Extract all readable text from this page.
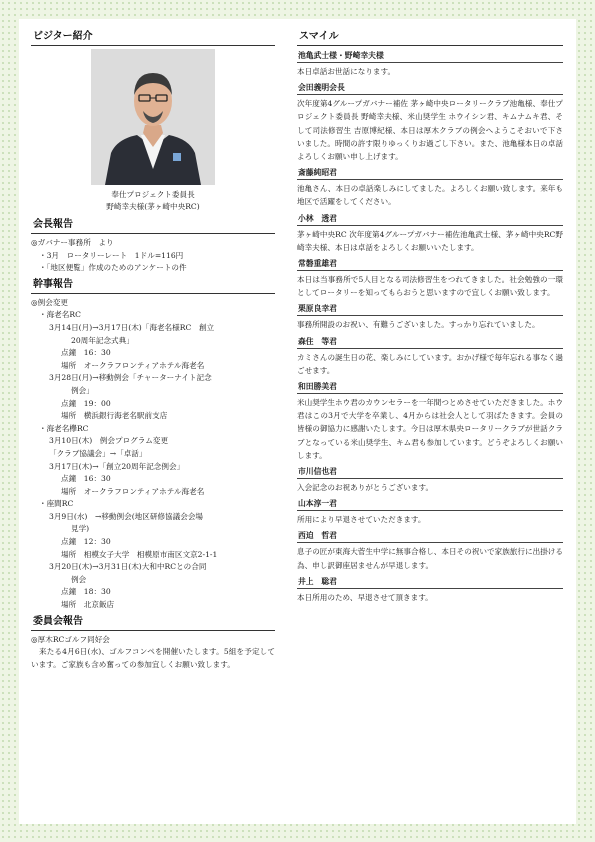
ビジター紹介
奉仕プロジェクト委員長
野崎幸夫様(茅ヶ崎中央RC)
会長報告
◎ガバナー事務所　より
・3月　ロータリーレート　1ドル=116円
・「地区便覧」作成のためのアンケートの件
幹事報告
◎例会変更
・海老名RC
3月14日(月)→3月17日(木)「海老名様RC　創立
20周年記念式典」
点鐘　16：30
場所　オークラフロンティアホテル海老名
3月28日(月)→移動例会「チャーターナイト記念
例会」
点鐘　19：00
場所　横浜銀行海老名駅前支店
・海老名欅RC
3月10日(木)　例会プログラム変更
「クラブ協議会」→「卓話」
3月17日(木)→「創立20周年記念例会」
点鐘　16：30
場所　オークラフロンティアホテル海老名
・座間RC
3月9日(水)　→移動例会(地区研修協議会会場
見学)
点鐘　12：30
場所　相模女子大学　相模原市南区文京2-1-1
3月20日(木)→3月31日(木)大和中RCとの合同
例会
点鐘　18：30
場所　北京飯店
委員会報告
◎厚木RCゴルフ同好会

来たる4月6日(水)、ゴルフコンペを開催いたします。5組を予定しています。ご家族も含め奮っての参加宜しくお願い致します。

スマイル
池亀武士様・野崎幸夫様
本日卓話お世話になります。
会田義明会長
次年度第4グループガバナー補佐 茅ヶ崎中央ロータリークラブ池亀様、奉仕プロジェクト委員長 野崎幸夫様、米山奨学生 ホウイシン君、キムナムキ君、そして司法修習生 吉原博紀様、本日は厚木クラブの例会へようこそおいで下さいました。時間の許す限りゆっくりお過ごし下さい。また、池亀様本日の卓話よろしくお願い申し上げます。
斎藤純昭君
池亀さん、本日の卓話楽しみにしてました。よろしくお願い致します。来年も地区で活躍をしてください。
小林　透君
茅ヶ崎中央RC 次年度第4グループガバナー補佐池亀武士様、茅ヶ崎中央RC野崎幸夫様、本日は卓話をよろしくお願いいたします。
常磐重雄君
本日は当事務所で5人目となる司法修習生をつれてきました。社会勉強の一環としてロータリーを知ってもらおうと思いますので宜しくお願い致します。
栗原良幸君
事務所開設のお祝い、有難うございました。すっかり忘れていました。
森住　等君
カミさんの誕生日の花、楽しみにしています。おかげ様で毎年忘れる事なく過ごせます。
和田勝美君
米山奨学生ホウ君のカウンセラーを一年間つとめさせていただきました。ホウ君はこの3月で大学を卒業し、4月からは社会人として羽ばたきます。会員の皆様の御協力に感謝いたします。今日は厚木県央ロータリークラブが世話クラブとなっている米山奨学生、キム君も参加しています。どうぞよろしくお願いします。
市川信也君
入会記念のお祝ありがとうございます。
山本淳一君
所用により早退させていただきます。
西迫　哲君
息子の匠が東海大菅生中学に無事合格し、本日その祝いで家族旅行に出掛ける為、申し訳御座居ませんが早退します。
井上　聡君
本日所用のため、早退させて頂きます。
